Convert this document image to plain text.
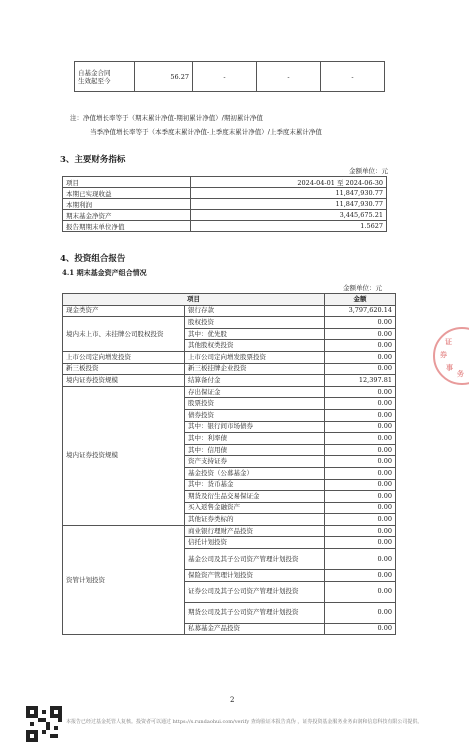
自基金合同
生效起至今	56.27	-	-	-
注：净值增长率等于（期末累计净值-期初累计净值）/期初累计净值
当季净值增长率等于（本季度末累计净值-上季度末累计净值）/上季度末累计净值
3、主要财务指标
金额单位：元
项目	2024-04-01 至 2024-06-30
本期已实现收益	11,847,930.77
本期利润	11,847,930.77
期末基金净资产	3,445,675.21
报告期期末单位净值	1.5627
4、投资组合报告
4.1 期末基金资产组合情况
金额单位：元
项目		金额
现金类资产	银行存款	3,797,620.14
境内未上市、未挂牌公司股权投资	股权投资	0.00
	其中：优先股	0.00
	其他股权类投资	0.00
上市公司定向增发投资	上市公司定向增发股票投资	0.00
新三板投资	新三板挂牌企业投资	0.00
境内证券投资规模	结算备付金	12,397.81
境内证券投资规模	存出保证金	0.00
	股票投资	0.00
	债券投资	0.00
	其中：银行间市场债券	0.00
	其中：利率债	0.00
	其中：信用债	0.00
	资产支持证券	0.00
	基金投资（公募基金）	0.00
	其中：货币基金	0.00
	期货及衍生品交易保证金	0.00
	买入返售金融资产	0.00
	其他证券类标的	0.00
资管计划投资	商业银行理财产品投资	0.00
	信托计划投资	0.00
	基金公司及其子公司资产管理计划投资	0.00
	保险资产管理计划投资	0.00
	证券公司及其子公司资产管理计划投资	0.00
	期货公司及其子公司资产管理计划投资	0.00
	私募基金产品投资	0.00
证
券
事
务
2
本报告已经过基金托管人复核。投资者可以通过 https://s.rundaohui.com/verify 查询验证本报告真伪 ，证券投资基金服务业务由润和信息科技有限公司提供。
